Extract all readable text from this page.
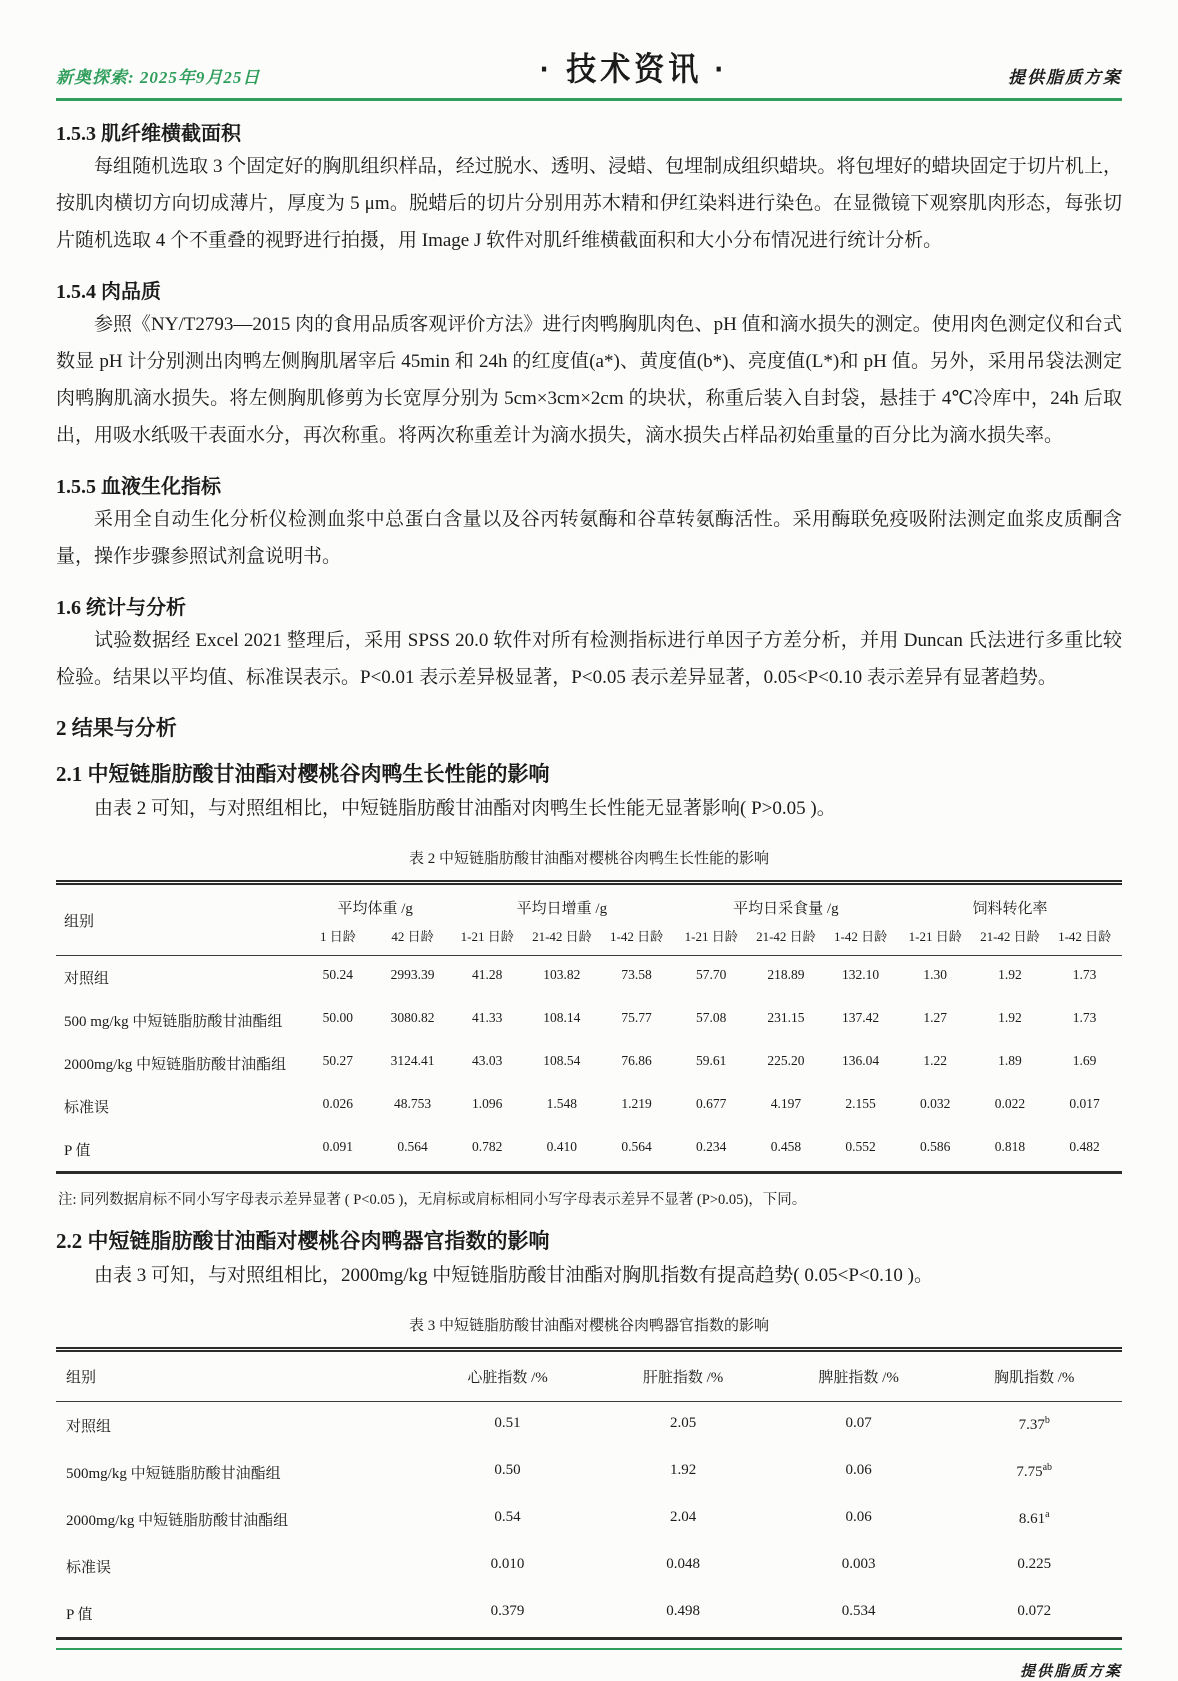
新奥探索: 2025年9月25日	· 技术资讯 ·	提供脂质方案
1.5.3 肌纤维横截面积

每组随机选取 3 个固定好的胸肌组织样品，经过脱水、透明、浸蜡、包埋制成组织蜡块。将包埋好的蜡块固定于切片机上，按肌肉横切方向切成薄片，厚度为 5 μm。脱蜡后的切片分别用苏木精和伊红染料进行染色。在显微镜下观察肌肉形态，每张切片随机选取 4 个不重叠的视野进行拍摄，用 Image J 软件对肌纤维横截面积和大小分布情况进行统计分析。

1.5.4 肉品质

参照《NY/T2793—2015 肉的食用品质客观评价方法》进行肉鸭胸肌肉色、pH 值和滴水损失的测定。使用肉色测定仪和台式数显 pH 计分别测出肉鸭左侧胸肌屠宰后 45min 和 24h 的红度值(a*)、黄度值(b*)、亮度值(L*)和 pH 值。另外，采用吊袋法测定肉鸭胸肌滴水损失。将左侧胸肌修剪为长宽厚分别为 5cm×3cm×2cm 的块状，称重后装入自封袋，悬挂于 4℃冷库中，24h 后取出，用吸水纸吸干表面水分，再次称重。将两次称重差计为滴水损失，滴水损失占样品初始重量的百分比为滴水损失率。

1.5.5 血液生化指标

采用全自动生化分析仪检测血浆中总蛋白含量以及谷丙转氨酶和谷草转氨酶活性。采用酶联免疫吸附法测定血浆皮质酮含量，操作步骤参照试剂盒说明书。

1.6 统计与分析

试验数据经 Excel 2021 整理后，采用 SPSS 20.0 软件对所有检测指标进行单因子方差分析，并用 Duncan 氏法进行多重比较检验。结果以平均值、标准误表示。P<0.01 表示差异极显著，P<0.05 表示差异显著，0.05<P<0.10 表示差异有显著趋势。

2 结果与分析
2.1 中短链脂肪酸甘油酯对樱桃谷肉鸭生长性能的影响

由表 2 可知，与对照组相比，中短链脂肪酸甘油酯对肉鸭生长性能无显著影响( P>0.05 )。

表 2 中短链脂肪酸甘油酯对樱桃谷肉鸭生长性能的影响
组别	平均体重 /g		平均日增重 /g			平均日采食量 /g			饲料转化率		
	1 日龄	42 日龄	1-21 日龄	21-42 日龄	1-42 日龄	1-21 日龄	21-42 日龄	1-42 日龄	1-21 日龄	21-42 日龄	1-42 日龄
对照组	50.24	2993.39	41.28	103.82	73.58	57.70	218.89	132.10	1.30	1.92	1.73
500 mg/kg 中短链脂肪酸甘油酯组	50.00	3080.82	41.33	108.14	75.77	57.08	231.15	137.42	1.27	1.92	1.73
2000mg/kg 中短链脂肪酸甘油酯组	50.27	3124.41	43.03	108.54	76.86	59.61	225.20	136.04	1.22	1.89	1.69
标准误	0.026	48.753	1.096	1.548	1.219	0.677	4.197	2.155	0.032	0.022	0.017
P 值	0.091	0.564	0.782	0.410	0.564	0.234	0.458	0.552	0.586	0.818	0.482
注: 同列数据肩标不同小写字母表示差异显著 ( P<0.05 )，无肩标或肩标相同小写字母表示差异不显著 (P>0.05)，下同。
2.2 中短链脂肪酸甘油酯对樱桃谷肉鸭器官指数的影响

由表 3 可知，与对照组相比，2000mg/kg 中短链脂肪酸甘油酯对胸肌指数有提高趋势( 0.05<P<0.10 )。

表 3 中短链脂肪酸甘油酯对樱桃谷肉鸭器官指数的影响
组别	心脏指数 /%	肝脏指数 /%	脾脏指数 /%	胸肌指数 /%
对照组	0.51	2.05	0.07	7.37$^b$
500mg/kg 中短链脂肪酸甘油酯组	0.50	1.92	0.06	7.75$^{ab}$
2000mg/kg 中短链脂肪酸甘油酯组	0.54	2.04	0.06	8.61$^a$
标准误	0.010	0.048	0.003	0.225
P 值	0.379	0.498	0.534	0.072
提供脂质方案
